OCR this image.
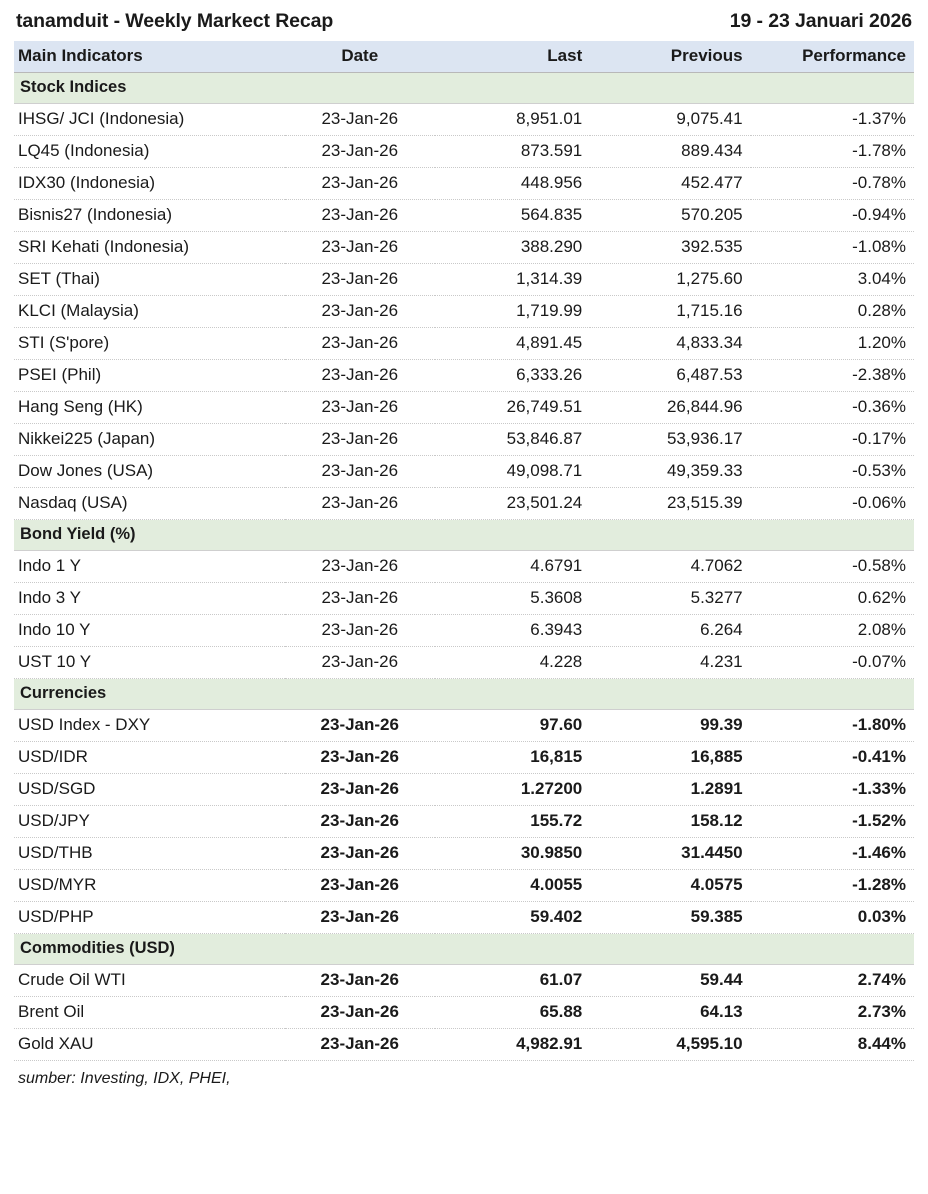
tanamduit - Weekly Markect Recap	19 - 23 Januari 2026
Main Indicators	Date	Last	Previous	Performance
Stock Indices				
IHSG/ JCI (Indonesia)	23-Jan-26	8,951.01	9,075.41	-1.37%
LQ45 (Indonesia)	23-Jan-26	873.591	889.434	-1.78%
IDX30 (Indonesia)	23-Jan-26	448.956	452.477	-0.78%
Bisnis27 (Indonesia)	23-Jan-26	564.835	570.205	-0.94%
SRI Kehati (Indonesia)	23-Jan-26	388.290	392.535	-1.08%
SET (Thai)	23-Jan-26	1,314.39	1,275.60	3.04%
KLCI (Malaysia)	23-Jan-26	1,719.99	1,715.16	0.28%
STI (S'pore)	23-Jan-26	4,891.45	4,833.34	1.20%
PSEI (Phil)	23-Jan-26	6,333.26	6,487.53	-2.38%
Hang Seng (HK)	23-Jan-26	26,749.51	26,844.96	-0.36%
Nikkei225 (Japan)	23-Jan-26	53,846.87	53,936.17	-0.17%
Dow Jones (USA)	23-Jan-26	49,098.71	49,359.33	-0.53%
Nasdaq (USA)	23-Jan-26	23,501.24	23,515.39	-0.06%
Bond Yield (%)				
Indo 1 Y	23-Jan-26	4.6791	4.7062	-0.58%
Indo 3 Y	23-Jan-26	5.3608	5.3277	0.62%
Indo 10 Y	23-Jan-26	6.3943	6.264	2.08%
UST 10 Y	23-Jan-26	4.228	4.231	-0.07%
Currencies				
USD Index - DXY	23-Jan-26	97.60	99.39	-1.80%
USD/IDR	23-Jan-26	16,815	16,885	-0.41%
USD/SGD	23-Jan-26	1.27200	1.2891	-1.33%
USD/JPY	23-Jan-26	155.72	158.12	-1.52%
USD/THB	23-Jan-26	30.9850	31.4450	-1.46%
USD/MYR	23-Jan-26	4.0055	4.0575	-1.28%
USD/PHP	23-Jan-26	59.402	59.385	0.03%
Commodities (USD)				
Crude Oil WTI	23-Jan-26	61.07	59.44	2.74%
Brent Oil	23-Jan-26	65.88	64.13	2.73%
Gold XAU	23-Jan-26	4,982.91	4,595.10	8.44%
sumber: Investing, IDX, PHEI,
